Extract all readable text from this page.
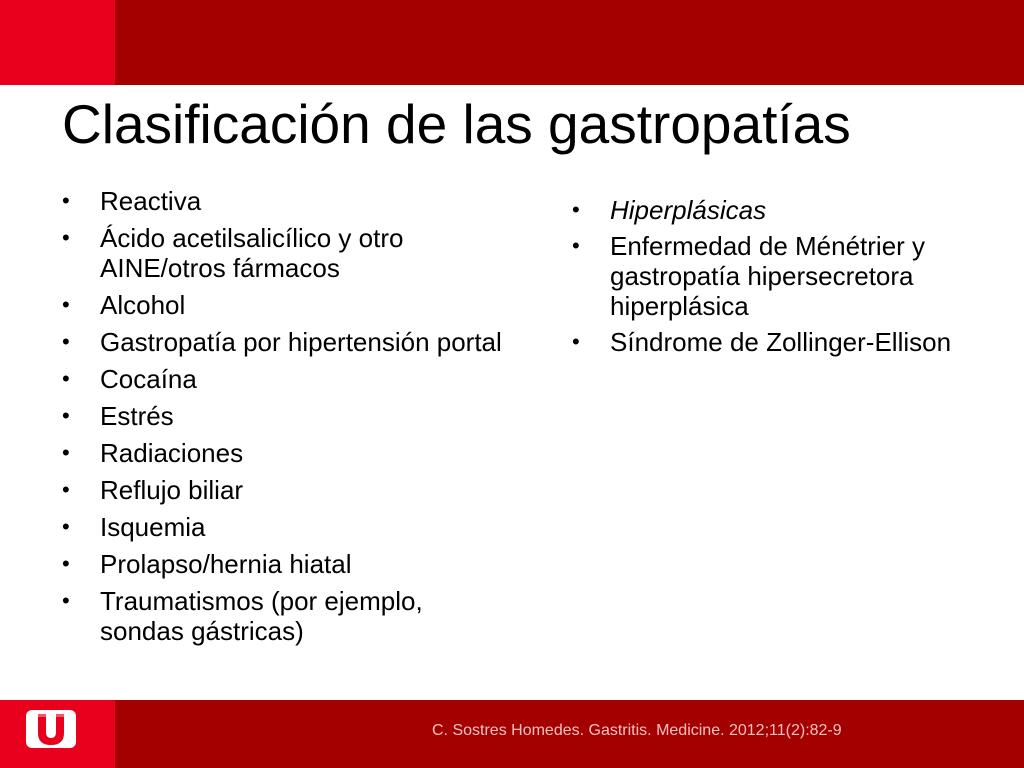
Clasificación de las gastropatías
•	Reactiva
•	Ácido acetilsalicílico y otro AINE/otros fármacos
•	Alcohol
•	Gastropatía por hipertensión portal
•	Cocaína
•	Estrés
•	Radiaciones
•	Reflujo biliar
•	Isquemia
•	Prolapso/hernia hiatal
•	Traumatismos (por ejemplo, sondas gástricas)
•	Hiperplásicas
•	Enfermedad de Ménétrier y gastropatía hipersecretora hiperplásica
•	Síndrome de Zollinger-Ellison
C. Sostres Homedes. Gastritis. Medicine. 2012;11(2):82-9
